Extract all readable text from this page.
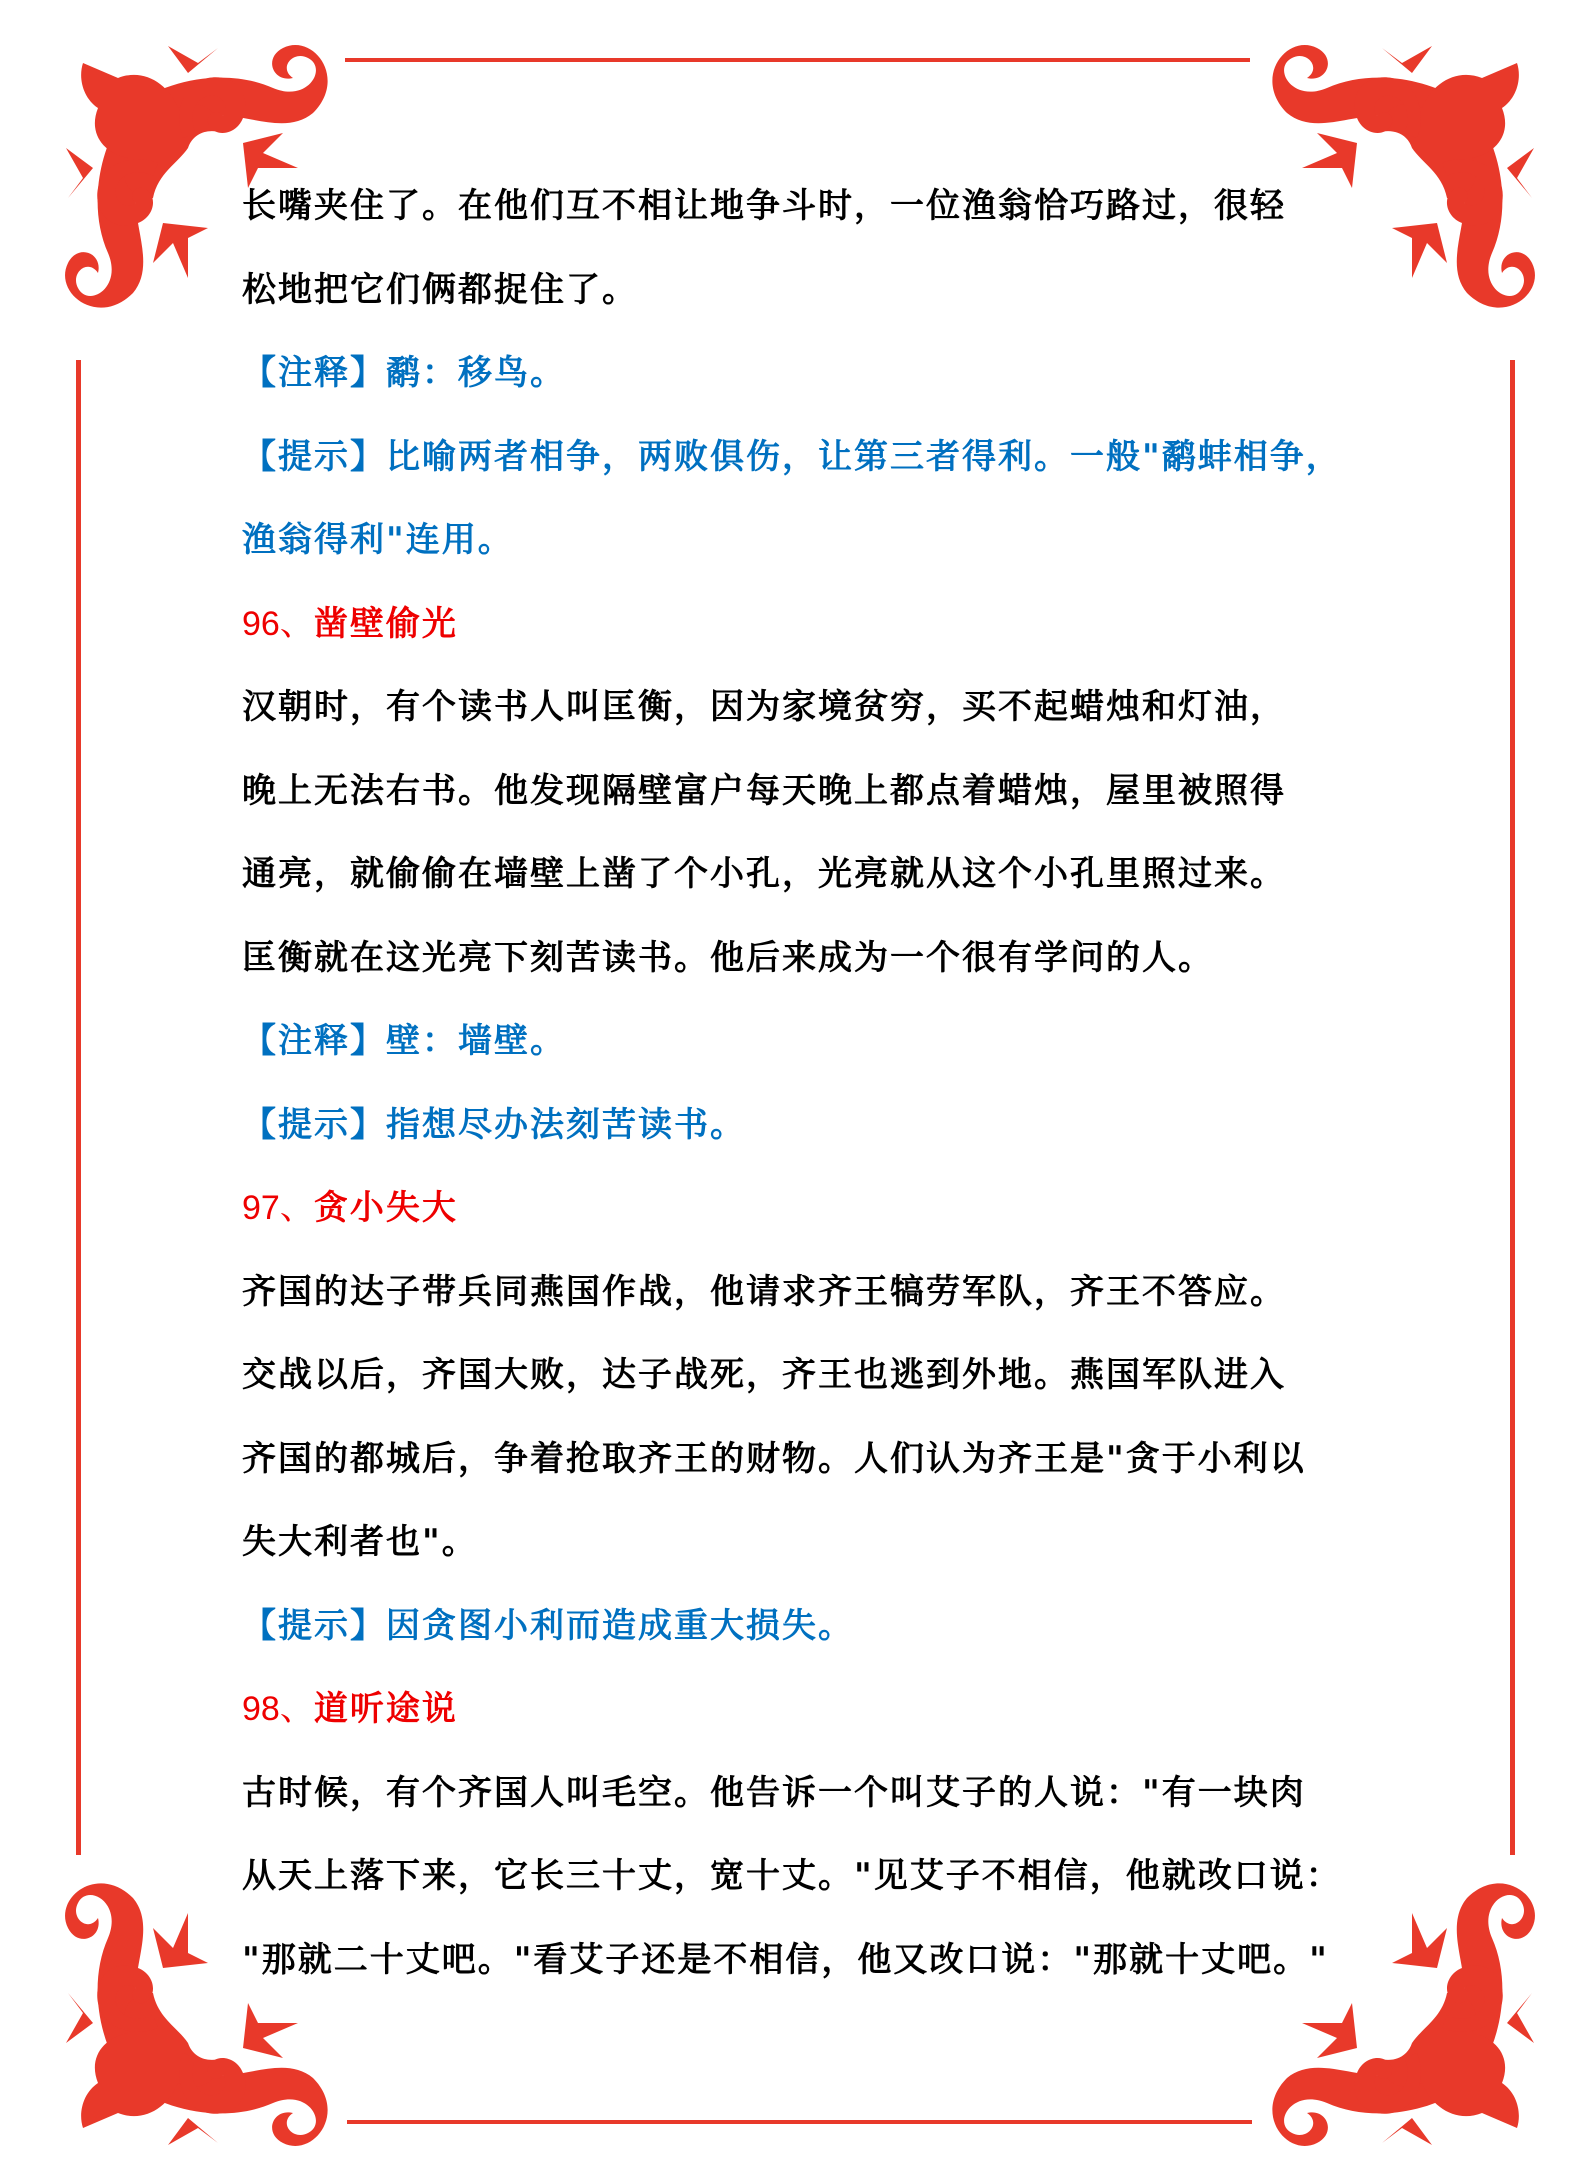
长嘴夹住了。在他们互不相让地争斗时，一位渔翁恰巧路过，很轻
松地把它们俩都捉住了。
【注释】鹬：移鸟。
【提示】比喻两者相争，两败俱伤，让第三者得利。一般"鹬蚌相争，
渔翁得利"连用。
96、凿壁偷光
汉朝时，有个读书人叫匡衡，因为家境贫穷，买不起蜡烛和灯油，
晚上无法右书。他发现隔壁富户每天晚上都点着蜡烛，屋里被照得
通亮，就偷偷在墙壁上凿了个小孔，光亮就从这个小孔里照过来。
匡衡就在这光亮下刻苦读书。他后来成为一个很有学问的人。
【注释】壁：墙壁。
【提示】指想尽办法刻苦读书。
97、贪小失大
齐国的达子带兵同燕国作战，他请求齐王犒劳军队，齐王不答应。
交战以后，齐国大败，达子战死，齐王也逃到外地。燕国军队进入
齐国的都城后，争着抢取齐王的财物。人们认为齐王是"贪于小利以
失大利者也"。
【提示】因贪图小利而造成重大损失。
98、道听途说
古时候，有个齐国人叫毛空。他告诉一个叫艾子的人说："有一块肉
从天上落下来，它长三十丈，宽十丈。"见艾子不相信，他就改口说：
"那就二十丈吧。"看艾子还是不相信，他又改口说："那就十丈吧。"
